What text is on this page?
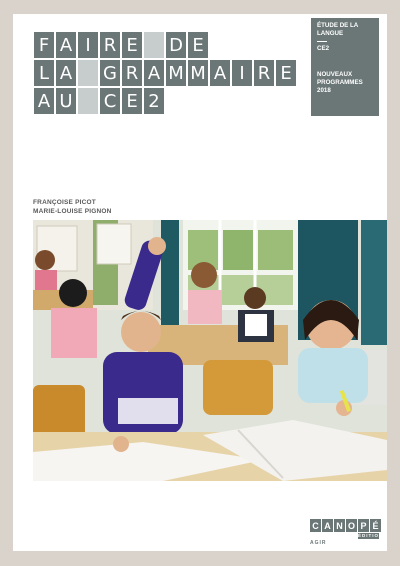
F A I R E D E
L A G R A M M A I R E
A U C E 2
ÉTUDE DE LA LANGUE
CE2
NOUVEAUX
PROGRAMMES
2018
FRANÇOISE PICOT
MARIE-LOUISE PIGNON
C A N O P É
ÉDITIONS
AGIR
